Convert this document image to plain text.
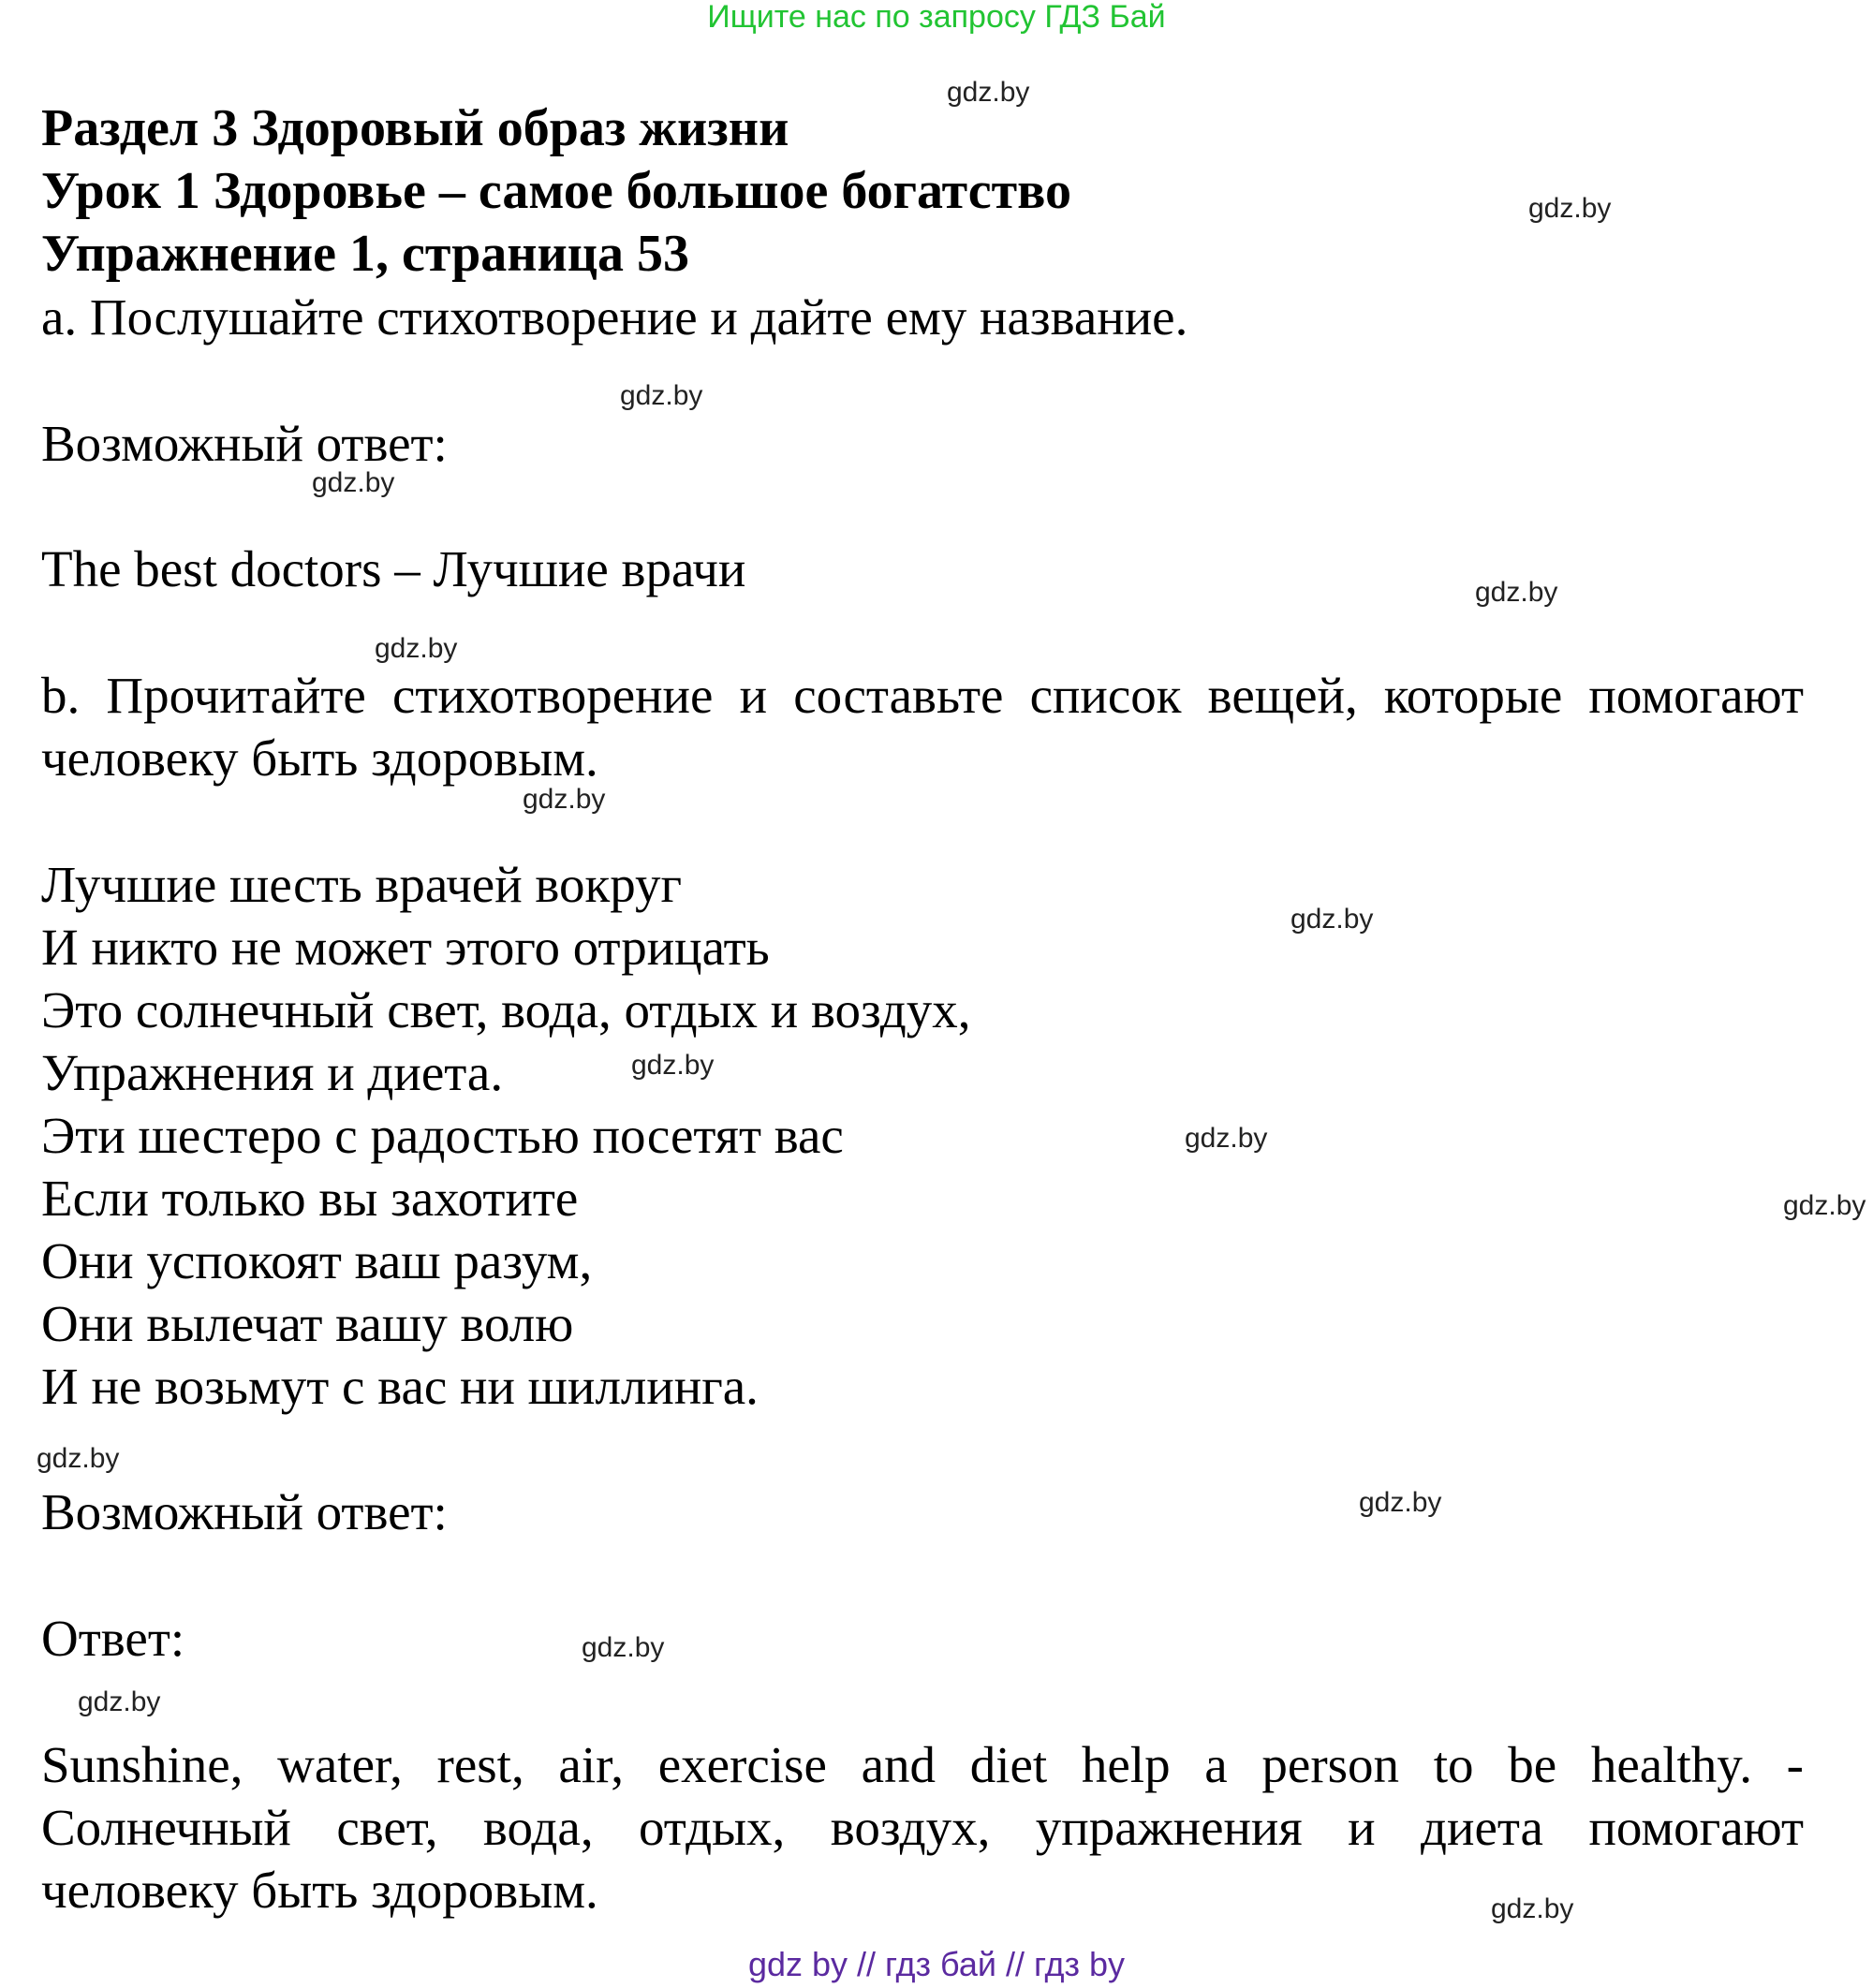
Ищите нас по запросу ГДЗ Бай
Раздел 3 Здоровый образ жизни
Урок 1 Здоровье – самое большое богатство
Упражнение 1, страница 53
a. Послушайте стихотворение и дайте ему название.
Возможный ответ:
The best doctors – Лучшие врачи
b. Прочитайте стихотворение и составьте список вещей, которые помогают
человеку быть здоровым.
Лучшие шесть врачей вокруг
И никто не может этого отрицать
Это солнечный свет, вода, отдых и воздух,
Упражнения и диета.
Эти шестеро с радостью посетят вас
Если только вы захотите
Они успокоят ваш разум,
Они вылечат вашу волю
И не возьмут с вас ни шиллинга.
Возможный ответ:
Ответ:
Sunshine, water, rest, air, exercise and diet help a person to be healthy. -
Солнечный свет, вода, отдых, воздух, упражнения и диета помогают
человеку быть здоровым.
gdz.by
gdz.by
gdz.by
gdz.by
gdz.by
gdz.by
gdz.by
gdz.by
gdz.by
gdz.by
gdz.by
gdz.by
gdz.by
gdz.by
gdz.by
gdz.by
gdz by // гдз бай // гдз by
